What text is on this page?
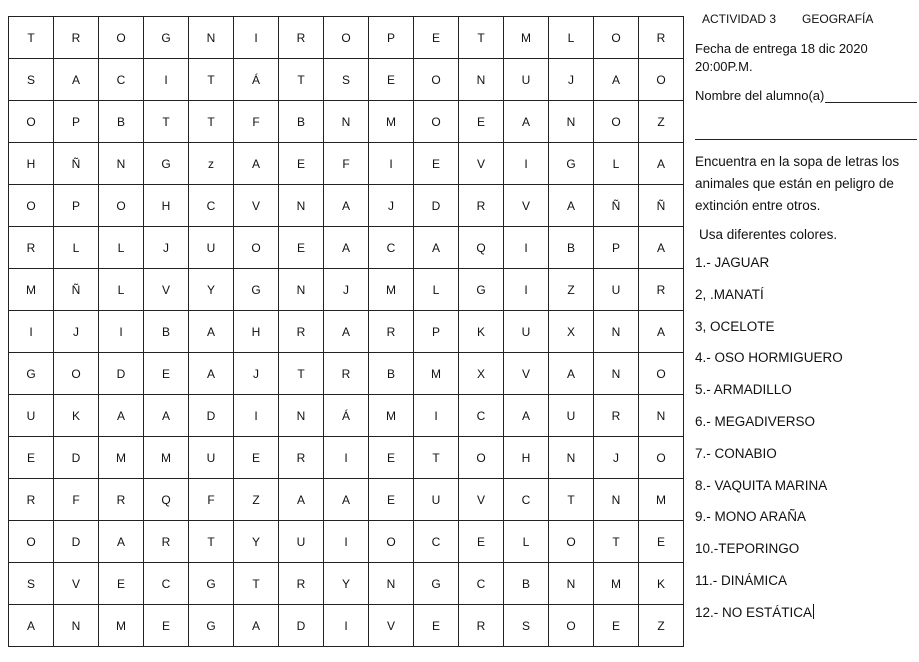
T	R	O	G	N	I	R	O	P	E	T	M	L	O	R
S	A	C	I	T	Á	T	S	E	O	N	U	J	A	O
O	P	B	T	T	F	B	N	M	O	E	A	N	O	Z
H	Ñ	N	G	z	A	E	F	I	E	V	I	G	L	A
O	P	O	H	C	V	N	A	J	D	R	V	A	Ñ	Ñ
R	L	L	J	U	O	E	A	C	A	Q	I	B	P	A
M	Ñ	L	V	Y	G	N	J	M	L	G	I	Z	U	R
I	J	I	B	A	H	R	A	R	P	K	U	X	N	A
G	O	D	E	A	J	T	R	B	M	X	V	A	N	O
U	K	A	A	D	I	N	Á	M	I	C	A	U	R	N
E	D	M	M	U	E	R	I	E	T	O	H	N	J	O
R	F	R	Q	F	Z	A	A	E	U	V	C	T	N	M
O	D	A	R	T	Y	U	I	O	C	E	L	O	T	E
S	V	E	C	G	T	R	Y	N	G	C	B	N	M	K
A	N	M	E	G	A	D	I	V	E	R	S	O	E	Z
ACTIVIDAD 3 GEOGRAFÍA
Fecha de entrega 18 dic 2020
20:00P.M.
Nombre del alumno(a)
Encuentra en la sopa de letras los animales que están en peligro de extinción entre otros.
Usa diferentes colores.
1.- JAGUAR
2, .MANATÍ
3, OCELOTE
4.- OSO HORMIGUERO
5.- ARMADILLO
6.- MEGADIVERSO
7.- CONABIO
8.- VAQUITA MARINA
9.- MONO ARAÑA
10.-TEPORINGO
11.- DINÁMICA
12.- NO ESTÁTICA
